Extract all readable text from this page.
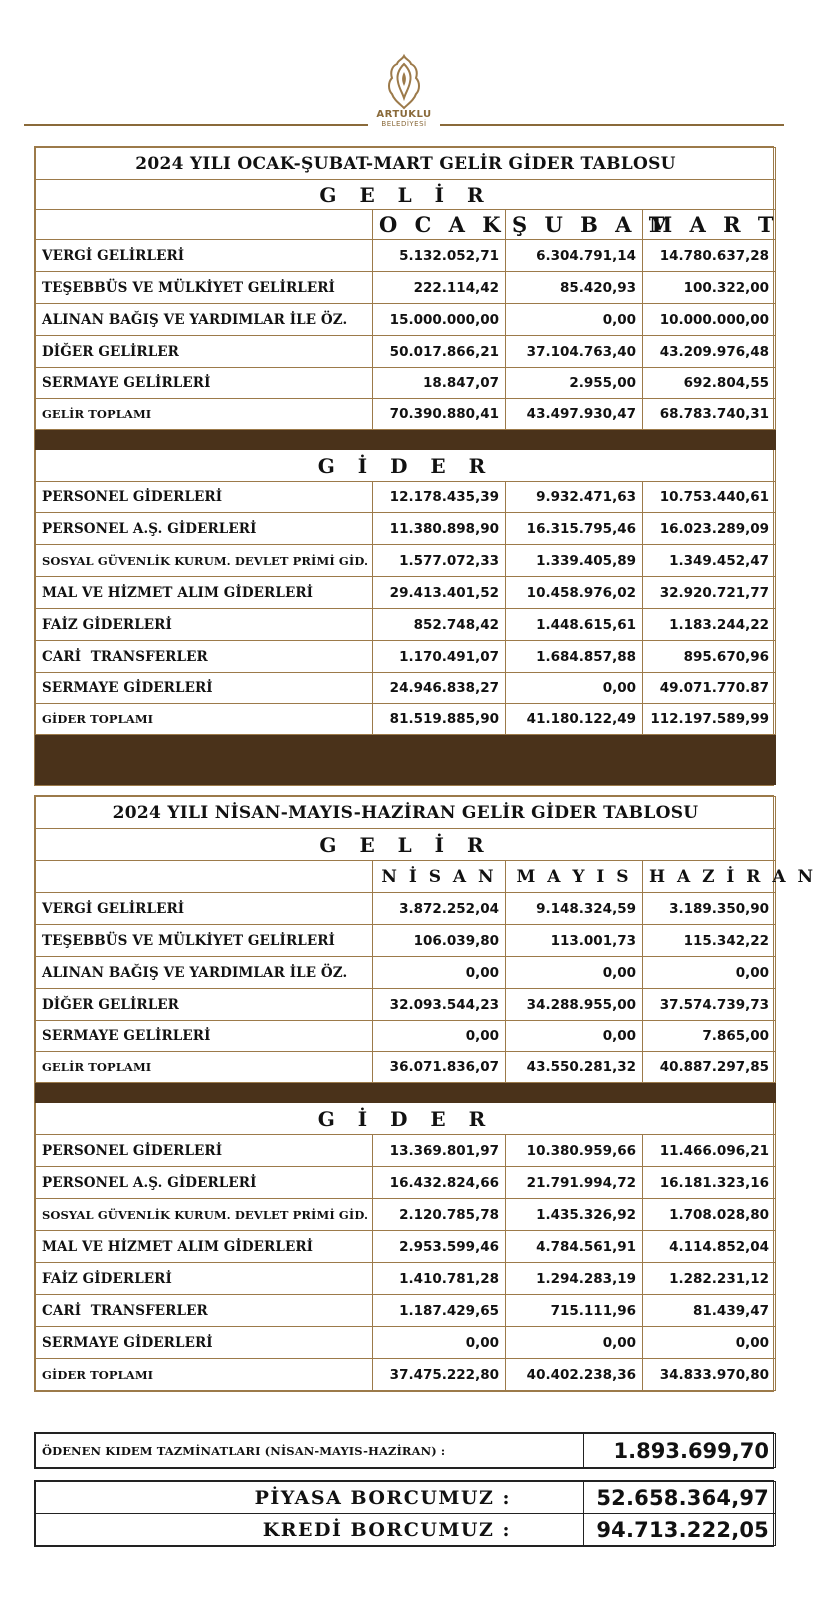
ARTUKLU
BELEDİYESİ
2024 YILI OCAK-ŞUBAT-MART GELİR GİDER TABLOSU			
G E L İ R			
	O C A K	Ş U B A T	M A R T
VERGİ GELİRLERİ	5.132.052,71	6.304.791,14	14.780.637,28
TEŞEBBÜS VE MÜLKİYET GELİRLERİ	222.114,42	85.420,93	100.322,00
ALINAN BAĞIŞ VE YARDIMLAR İLE ÖZ.	15.000.000,00	0,00	10.000.000,00
DİĞER GELİRLER	50.017.866,21	37.104.763,40	43.209.976,48
SERMAYE GELİRLERİ	18.847,07	2.955,00	692.804,55
GELİR TOPLAMI	70.390.880,41	43.497.930,47	68.783.740,31

G İ D E R			
PERSONEL GİDERLERİ	12.178.435,39	9.932.471,63	10.753.440,61
PERSONEL A.Ş. GİDERLERİ	11.380.898,90	16.315.795,46	16.023.289,09
SOSYAL GÜVENLİK KURUM. DEVLET PRİMİ GİD.	1.577.072,33	1.339.405,89	1.349.452,47
MAL VE HİZMET ALIM GİDERLERİ	29.413.401,52	10.458.976,02	32.920.721,77
FAİZ GİDERLERİ	852.748,42	1.448.615,61	1.183.244,22
CARİ  TRANSFERLER	1.170.491,07	1.684.857,88	895.670,96
SERMAYE GİDERLERİ	24.946.838,27	0,00	49.071.770.87
GİDER TOPLAMI	81.519.885,90	41.180.122,49	112.197.589,99

2024 YILI NİSAN-MAYIS-HAZİRAN GELİR GİDER TABLOSU			
G E L İ R			
	N İ S A N	M A Y I S	H A Z İ R A N
VERGİ GELİRLERİ	3.872.252,04	9.148.324,59	3.189.350,90
TEŞEBBÜS VE MÜLKİYET GELİRLERİ	106.039,80	113.001,73	115.342,22
ALINAN BAĞIŞ VE YARDIMLAR İLE ÖZ.	0,00	0,00	0,00
DİĞER GELİRLER	32.093.544,23	34.288.955,00	37.574.739,73
SERMAYE GELİRLERİ	0,00	0,00	7.865,00
GELİR TOPLAMI	36.071.836,07	43.550.281,32	40.887.297,85

G İ D E R			
PERSONEL GİDERLERİ	13.369.801,97	10.380.959,66	11.466.096,21
PERSONEL A.Ş. GİDERLERİ	16.432.824,66	21.791.994,72	16.181.323,16
SOSYAL GÜVENLİK KURUM. DEVLET PRİMİ GİD.	2.120.785,78	1.435.326,92	1.708.028,80
MAL VE HİZMET ALIM GİDERLERİ	2.953.599,46	4.784.561,91	4.114.852,04
FAİZ GİDERLERİ	1.410.781,28	1.294.283,19	1.282.231,12
CARİ  TRANSFERLER	1.187.429,65	715.111,96	81.439,47
SERMAYE GİDERLERİ	0,00	0,00	0,00
GİDER TOPLAMI	37.475.222,80	40.402.238,36	34.833.970,80
ÖDENEN KIDEM TAZMİNATLARI (NİSAN-MAYIS-HAZİRAN) :	1.893.699,70
PİYASA BORCUMUZ :	52.658.364,97
KREDİ BORCUMUZ :	94.713.222,05
